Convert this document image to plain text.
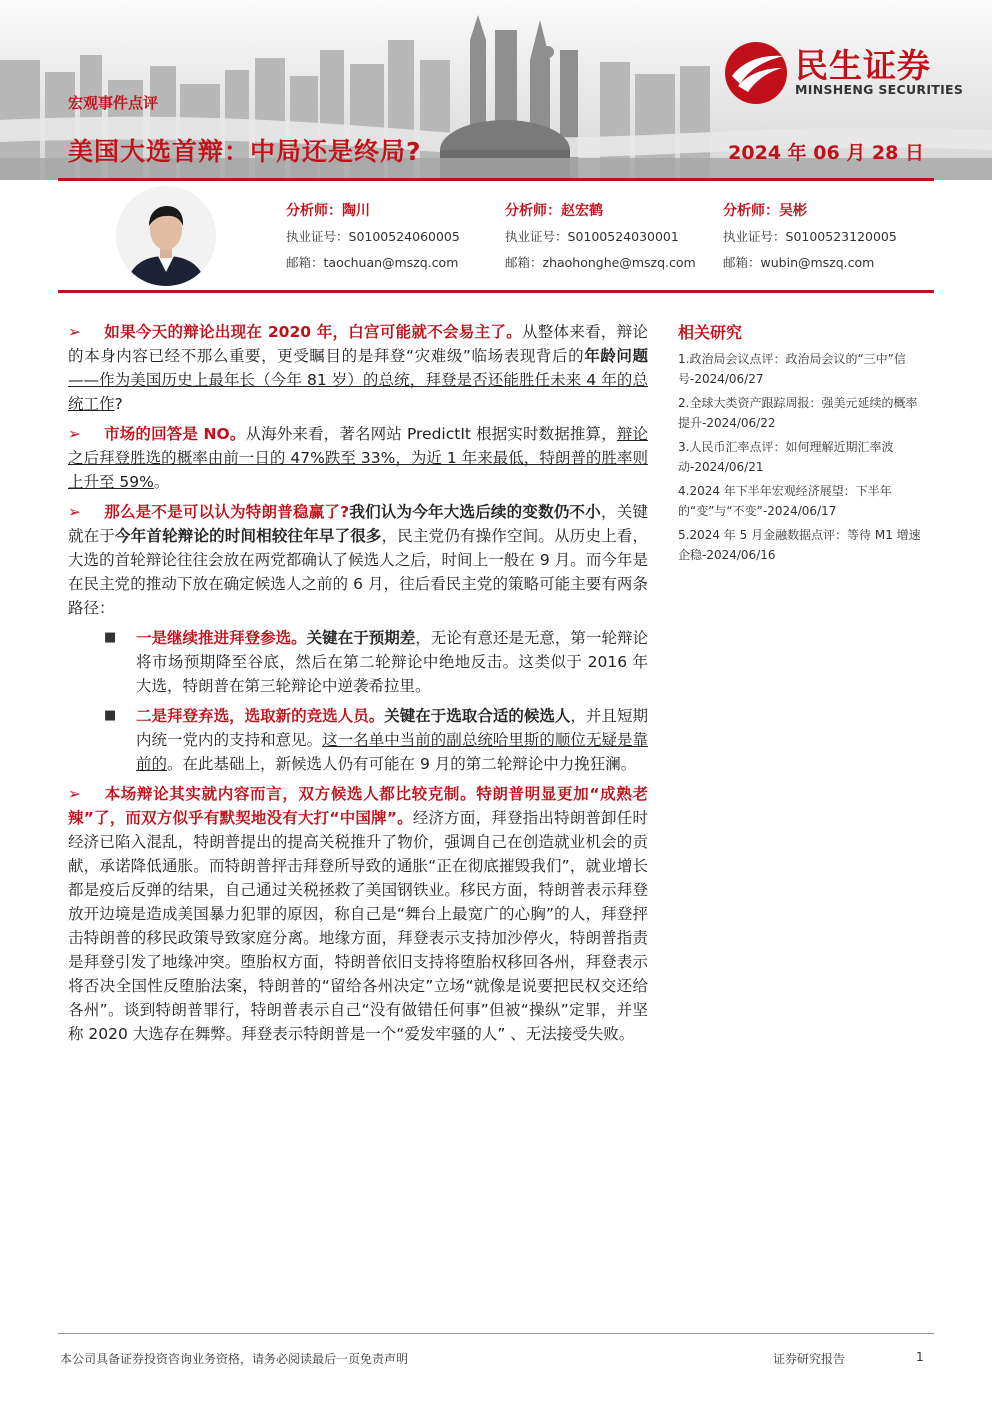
宏观事件点评
美国大选首辩：中局还是终局?	2024 年 06 月 28 日
民生证券
MINSHENG SECURITIES
分析师：陶川
执业证号：S0100524060005
邮箱：taochuan@mszq.com
分析师：赵宏鹤
执业证号：S0100524030001
邮箱：zhaohonghe@mszq.com
分析师：吴彬
执业证号：S0100523120005
邮箱：wubin@mszq.com

➢ 如果今天的辩论出现在 2020 年，白宫可能就不会易主了。从整体来看，辩论的本身内容已经不那么重要，更受瞩目的是拜登“灾难级”临场表现背后的年龄问题——作为美国历史上最年长（今年 81 岁）的总统，拜登是否还能胜任未来 4 年的总统工作?

➢ 市场的回答是 NO。从海外来看，著名网站 PredictIt 根据实时数据推算，辩论之后拜登胜选的概率由前一日的 47%跌至 33%，为近 1 年来最低，特朗普的胜率则上升至 59%。

➢ 那么是不是可以认为特朗普稳赢了?我们认为今年大选后续的变数仍不小，关键就在于今年首轮辩论的时间相较往年早了很多，民主党仍有操作空间。从历史上看，大选的首轮辩论往往会放在两党都确认了候选人之后，时间上一般在 9 月。而今年是在民主党的推动下放在确定候选人之前的 6 月，往后看民主党的策略可能主要有两条路径：

■ 一是继续推进拜登参选。关键在于预期差，无论有意还是无意，第一轮辩论将市场预期降至谷底，然后在第二轮辩论中绝地反击。这类似于 2016 年大选，特朗普在第三轮辩论中逆袭希拉里。

■ 二是拜登弃选，选取新的竞选人员。关键在于选取合适的候选人，并且短期内统一党内的支持和意见。这一名单中当前的副总统哈里斯的顺位无疑是靠前的。在此基础上，新候选人仍有可能在 9 月的第二轮辩论中力挽狂澜。

➢ 本场辩论其实就内容而言，双方候选人都比较克制。特朗普明显更加“成熟老辣”了，而双方似乎有默契地没有大打“中国牌”。经济方面，拜登指出特朗普卸任时经济已陷入混乱，特朗普提出的提高关税推升了物价，强调自己在创造就业机会的贡献，承诺降低通胀。而特朗普抨击拜登所导致的通胀“正在彻底摧毁我们”，就业增长都是疫后反弹的结果，自己通过关税拯救了美国钢铁业。移民方面，特朗普表示拜登放开边境是造成美国暴力犯罪的原因，称自己是“舞台上最宽广的心胸”的人，拜登抨击特朗普的移民政策导致家庭分离。地缘方面，拜登表示支持加沙停火，特朗普指责是拜登引发了地缘冲突。堕胎权方面，特朗普依旧支持将堕胎权移回各州，拜登表示将否决全国性反堕胎法案，特朗普的“留给各州决定”立场“就像是说要把民权交还给各州”。谈到特朗普罪行，特朗普表示自己“没有做错任何事”但被“操纵”定罪，并坚称 2020 大选存在舞弊。拜登表示特朗普是一个“爱发牢骚的人” 、无法接受失败。

相关研究
1.政治局会议点评：政治局会议的“三中”信号-2024/06/27
2.全球大类资产跟踪周报：强美元延续的概率提升-2024/06/22
3.人民币汇率点评：如何理解近期汇率波动-2024/06/21
4.2024 年下半年宏观经济展望：下半年的“变”与“不变”-2024/06/17
5.2024 年 5 月金融数据点评：等待 M1 增速企稳-2024/06/16
本公司具备证券投资咨询业务资格，请务必阅读最后一页免责声明	证券研究报告	1
